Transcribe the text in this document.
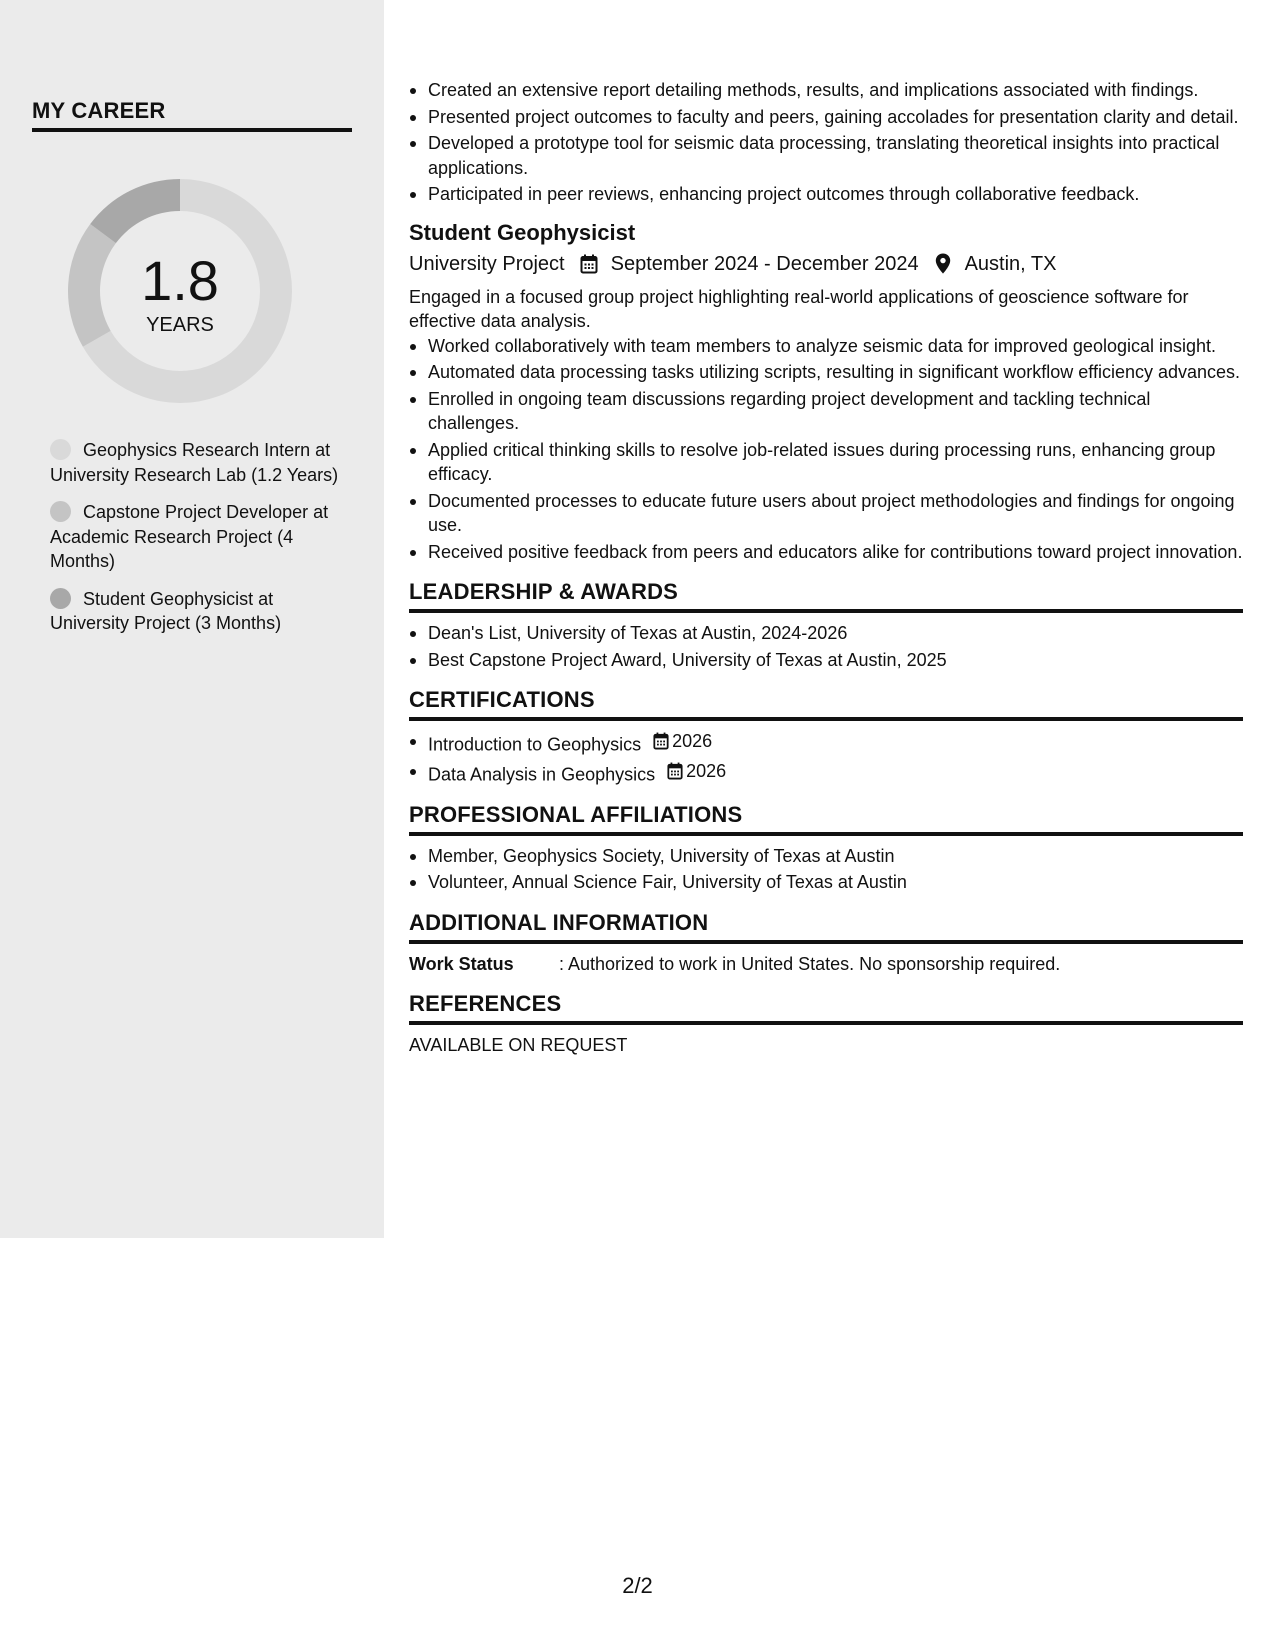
MY CAREER
1.8
YEARS
Geophysics Research Intern at University Research Lab (1.2 Years)
Capstone Project Developer at Academic Research Project (4 Months)
Student Geophysicist at University Project (3 Months)
Created an extensive report detailing methods, results, and implications associated with findings.
Presented project outcomes to faculty and peers, gaining accolades for presentation clarity and detail.
Developed a prototype tool for seismic data processing, translating theoretical insights into practical applications.
Participated in peer reviews, enhancing project outcomes through collaborative feedback.
Student Geophysicist
University Project September 2024 - December 2024 Austin, TX
Engaged in a focused group project highlighting real-world applications of geoscience software for effective data analysis.
Worked collaboratively with team members to analyze seismic data for improved geological insight.
Automated data processing tasks utilizing scripts, resulting in significant workflow efficiency advances.
Enrolled in ongoing team discussions regarding project development and tackling technical challenges.
Applied critical thinking skills to resolve job-related issues during processing runs, enhancing group efficacy.
Documented processes to educate future users about project methodologies and findings for ongoing use.
Received positive feedback from peers and educators alike for contributions toward project innovation.
LEADERSHIP & AWARDS
Dean's List, University of Texas at Austin, 2024-2026
Best Capstone Project Award, University of Texas at Austin, 2025
CERTIFICATIONS
Introduction to Geophysics 2026
Data Analysis in Geophysics 2026
PROFESSIONAL AFFILIATIONS
Member, Geophysics Society, University of Texas at Austin
Volunteer, Annual Science Fair, University of Texas at Austin
ADDITIONAL INFORMATION
Work Status	: Authorized to work in United States. No sponsorship required.
REFERENCES
AVAILABLE ON REQUEST
2/2
